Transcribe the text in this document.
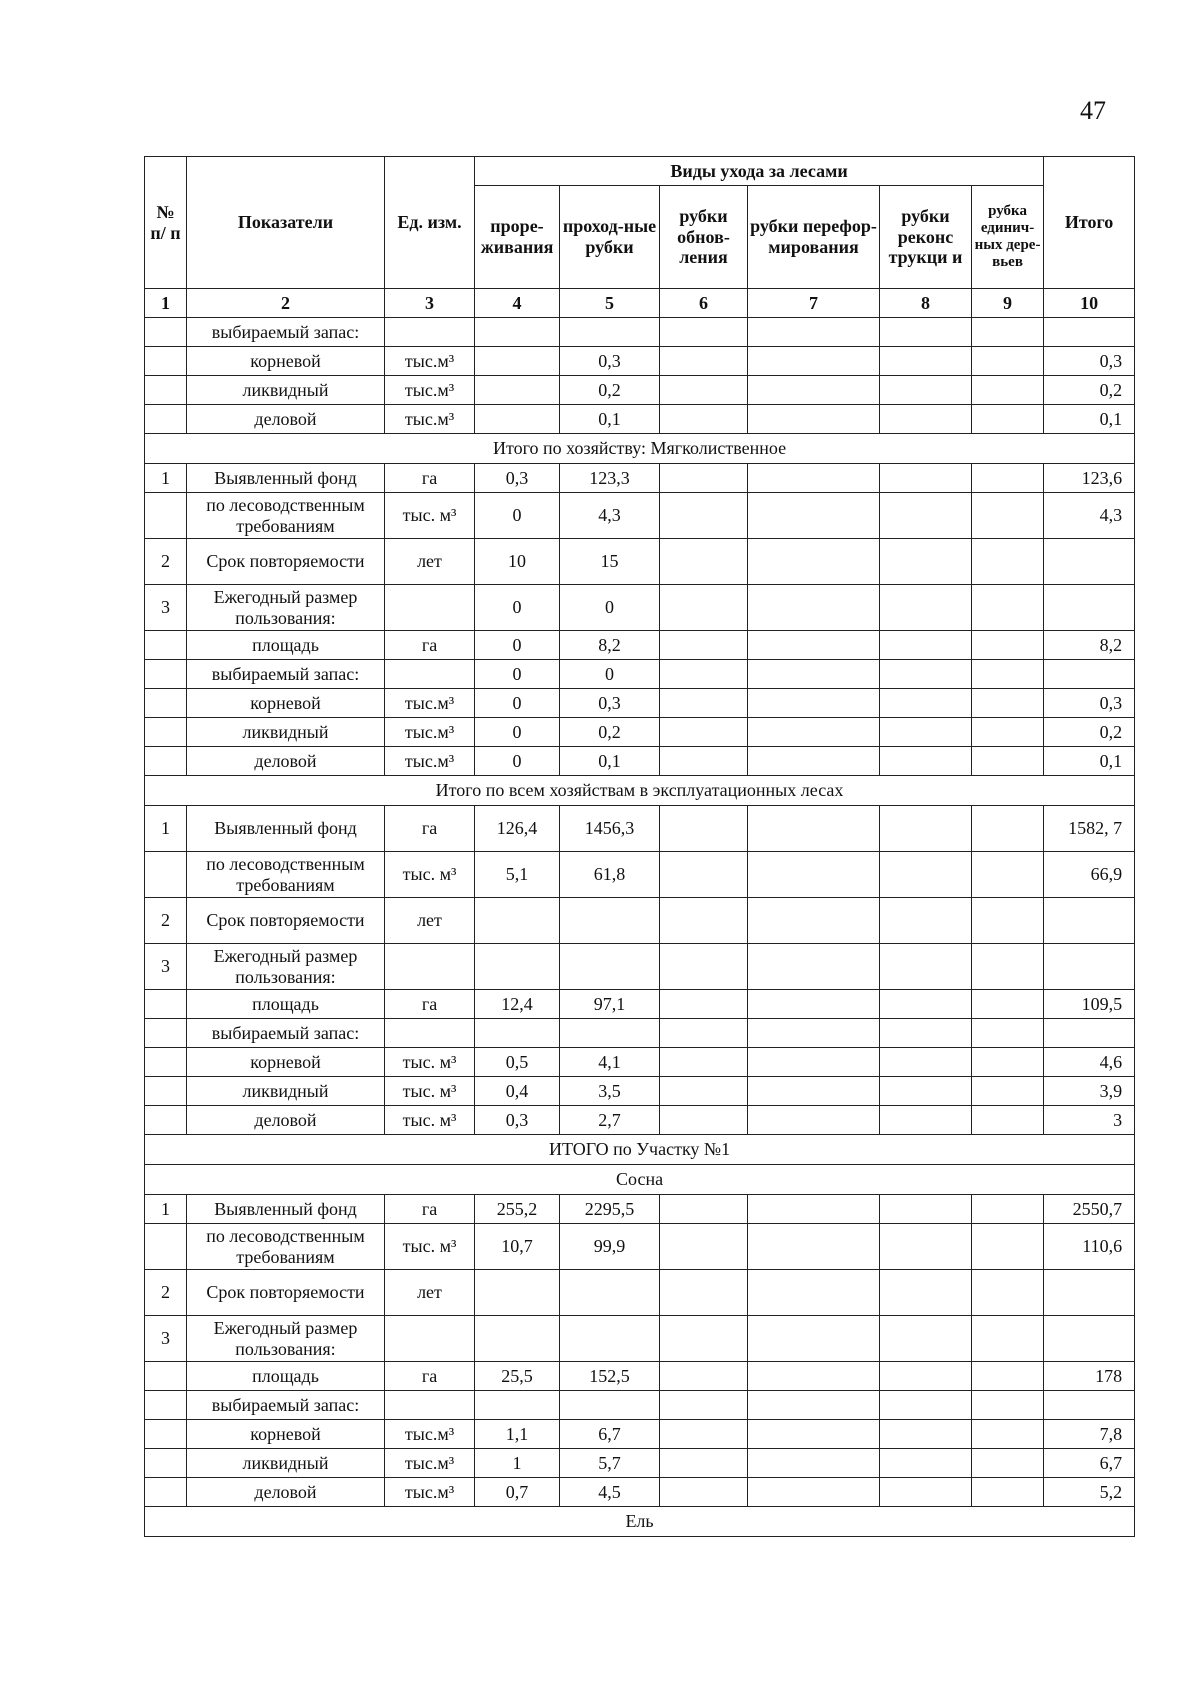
47
№ п/ п	Показатели	Ед. изм.	Виды ухода за лесами						Итого
			проре-живания	проход-ные рубки	рубки обнов-ления	рубки перефор-мирования	рубки реконс трукци и	рубка единич-ных дере-вьев	
1	2	3	4	5	6	7	8	9	10
	выбираемый запас:								
	корневой	тыс.м³		0,3					0,3
	ликвидный	тыс.м³		0,2					0,2
	деловой	тыс.м³		0,1					0,1
Итого по хозяйству: Мягколиственное									
1	Выявленный фонд	га	0,3	123,3					123,6
	по лесоводственным требованиям	тыс. м³	0	4,3					4,3
2	Срок повторяемости	лет	10	15					
3	Ежегодный размер пользования:		0	0					
	площадь	га	0	8,2					8,2
	выбираемый запас:		0	0					
	корневой	тыс.м³	0	0,3					0,3
	ликвидный	тыс.м³	0	0,2					0,2
	деловой	тыс.м³	0	0,1					0,1
Итого по всем хозяйствам в эксплуатационных лесах									
1	Выявленный фонд	га	126,4	1456,3					1582, 7
	по лесоводственным требованиям	тыс. м³	5,1	61,8					66,9
2	Срок повторяемости	лет							
3	Ежегодный размер пользования:								
	площадь	га	12,4	97,1					109,5
	выбираемый запас:								
	корневой	тыс. м³	0,5	4,1					4,6
	ликвидный	тыс. м³	0,4	3,5					3,9
	деловой	тыс. м³	0,3	2,7					3
ИТОГО по Участку №1									
Сосна									
1	Выявленный фонд	га	255,2	2295,5					2550,7
	по лесоводственным требованиям	тыс. м³	10,7	99,9					110,6
2	Срок повторяемости	лет							
3	Ежегодный размер пользования:								
	площадь	га	25,5	152,5					178
	выбираемый запас:								
	корневой	тыс.м³	1,1	6,7					7,8
	ликвидный	тыс.м³	1	5,7					6,7
	деловой	тыс.м³	0,7	4,5					5,2
Ель									
